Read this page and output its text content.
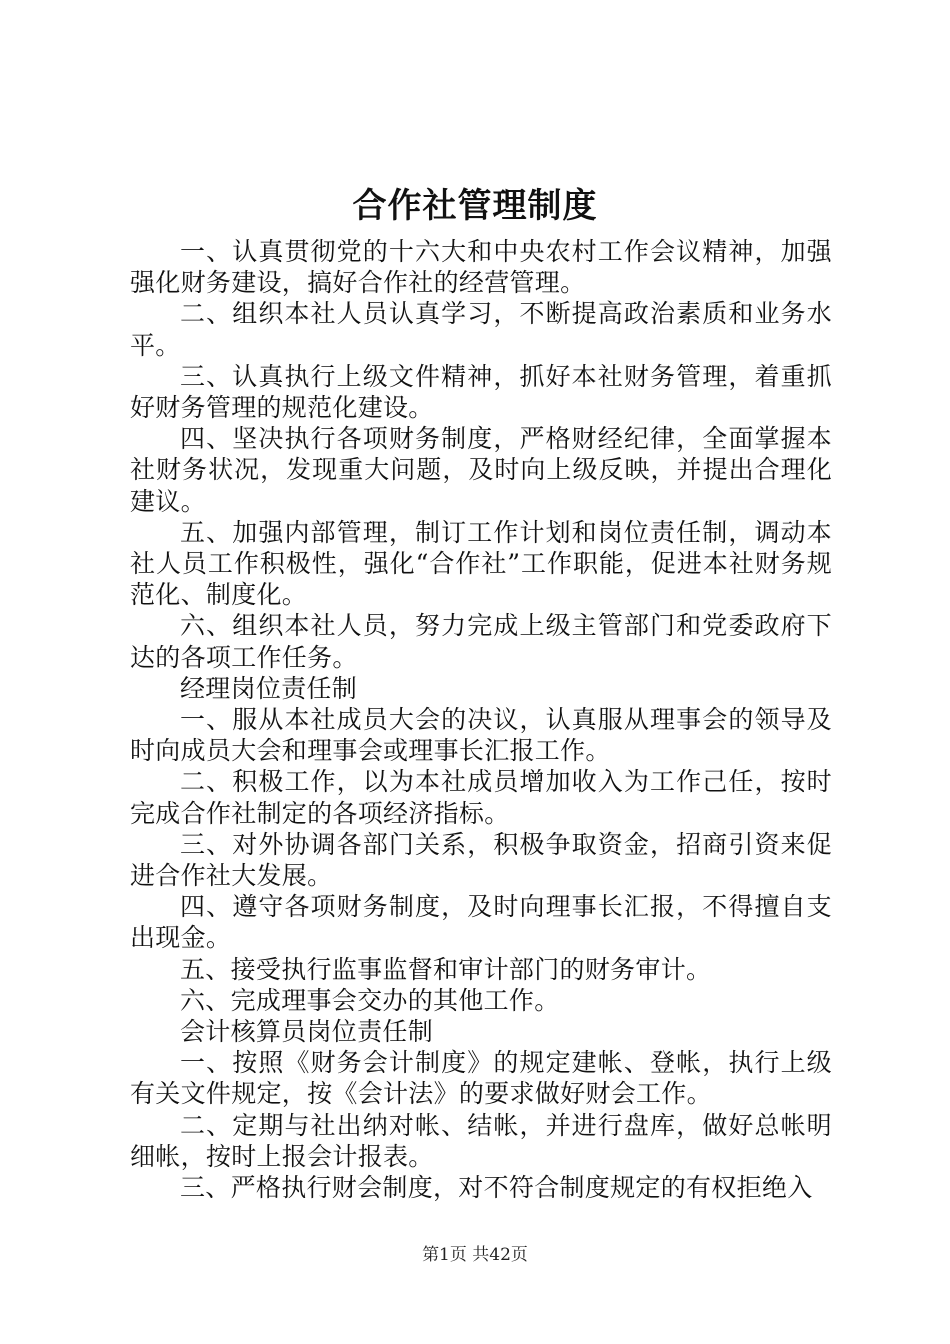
合作社管理制度

一、认真贯彻党的十六大和中央农村工作会议精神，加强强化财务建设，搞好合作社的经营管理。

二、组织本社人员认真学习，不断提高政治素质和业务水平。

三、认真执行上级文件精神，抓好本社财务管理，着重抓好财务管理的规范化建设。

四、坚决执行各项财务制度，严格财经纪律，全面掌握本社财务状况，发现重大问题，及时向上级反映，并提出合理化建议。

五、加强内部管理，制订工作计划和岗位责任制，调动本社人员工作积极性，强化“合作社”工作职能，促进本社财务规范化、制度化。

六、组织本社人员，努力完成上级主管部门和党委政府下达的各项工作任务。

经理岗位责任制

一、服从本社成员大会的决议，认真服从理事会的领导及时向成员大会和理事会或理事长汇报工作。

二、积极工作，以为本社成员增加收入为工作己任，按时完成合作社制定的各项经济指标。

三、对外协调各部门关系，积极争取资金，招商引资来促进合作社大发展。

四、遵守各项财务制度，及时向理事长汇报，不得擅自支出现金。

五、接受执行监事监督和审计部门的财务审计。

六、完成理事会交办的其他工作。

会计核算员岗位责任制

一、按照《财务会计制度》的规定建帐、登帐，执行上级有关文件规定，按《会计法》的要求做好财会工作。

二、定期与社出纳对帐、结帐，并进行盘库，做好总帐明细帐，按时上报会计报表。

三、严格执行财会制度，对不符合制度规定的有权拒绝入

第1页 共42页
